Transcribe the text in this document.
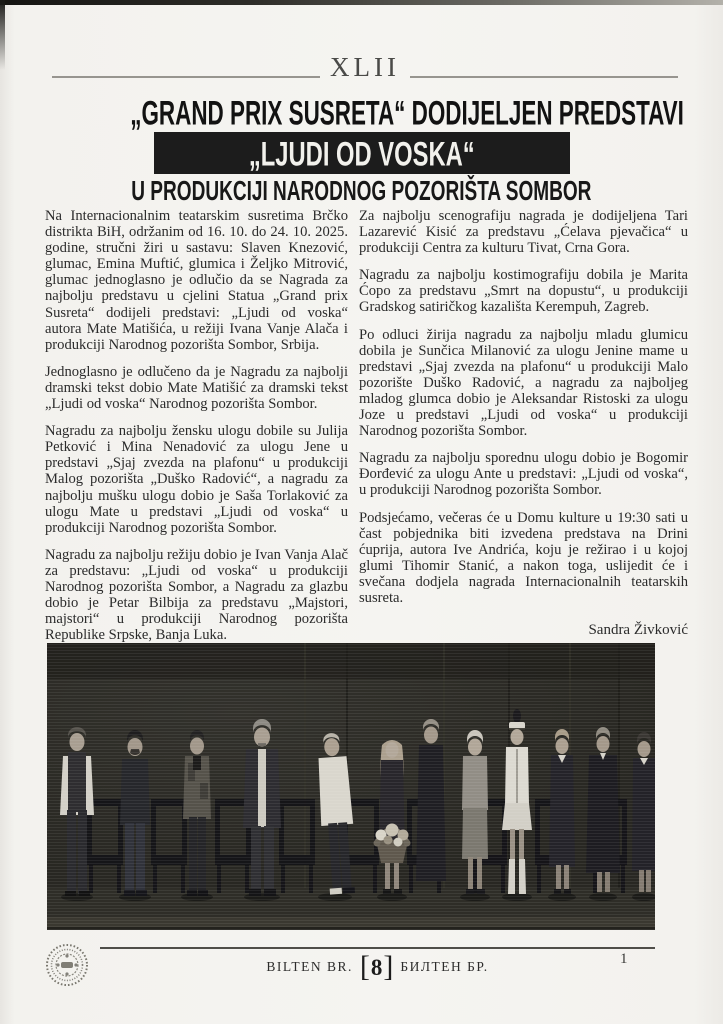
XLII
„GRAND PRIX SUSRETA“ DODIJELJEN PREDSTAVI
„LJUDI OD VOSKA“
U PRODUKCIJI NARODNOG POZORIŠTA SOMBOR

Na Internacionalnim teatarskim susretima Brčko distrikta BiH, održanim od 16. 10. do 24. 10. 2025. godine, stručni žiri u sastavu: Slaven Knezović, glumac, Emina Muftić, glumica i Željko Mitrović, glumac jednoglasno je odlučio da se Nagrada za najbolju predstavu u cjelini Statua „Grand prix Susreta“ dodijeli predstavi: „Ljudi od voska“ autora Mate Matišića, u režiji Ivana Vanje Alača i produkciji Narodnog pozorišta Sombor, Srbija.

Jednoglasno je odlučeno da je Nagradu za najbolji dramski tekst dobio Mate Matišić za dramski tekst „Ljudi od voska“ Narodnog pozorišta Sombor.

Nagradu za najbolju žensku ulogu dobile su Julija Petković i Mina Nenadović za ulogu Jene u predstavi „Sjaj zvezda na plafonu“ u produkciji Malog pozorišta „Duško Radović“, a nagradu za najbolju mušku ulogu dobio je Saša Torlaković za ulogu Mate u predstavi „Ljudi od voska“ u produkciji Narodnog pozorišta Sombor.

Nagradu za najbolju režiju dobio je Ivan Vanja Alač za predstavu: „Ljudi od voska“ u produkciji Narodnog pozorišta Sombor, a Nagradu za glazbu dobio je Petar Bilbija za predstavu „Majstori, majstori“ u produkciji Narodnog pozorišta Republike Srpske, Banja Luka.

Za najbolju scenografiju nagrada je dodijeljena Tari Lazarević Kisić za predstavu „Ćelava pjevačica“ u produkciji Centra za kulturu Tivat, Crna Gora.

Nagradu za najbolju kostimografiju dobila je Marita Ćopo za predstavu „Smrt na dopustu“, u produkciji Gradskog satiričkog kazališta Kerempuh, Zagreb.

Po odluci žirija nagradu za najbolju mladu glumicu dobila je Sunčica Milanović za ulogu Jenine mame u predstavi „Sjaj zvezda na plafonu“ u produkciji Malo pozorište Duško Radović, a nagradu za najboljeg mladog glumca dobio je Aleksandar Ristoski za ulogu Joze u predstavi „Ljudi od voska“ u produkciji Narodnog pozorišta Sombor.

Nagradu za najbolju sporednu ulogu dobio je Bogomir Đorđević za ulogu Ante u predstavi: „Ljudi od voska“, u produkciji Narodnog pozorišta Sombor.

Podsjećamo, večeras će u Domu kulture u 19:30 sati u čast pobjednika biti izvedena predstava na Drini ćuprija, autora Ive Andrića, koju je režirao i u kojoj glumi Tihomir Stanić, a nakon toga, uslijedit će i svečana dodjela nagrada Internacionalnih teatarskih susreta.

Sandra Živković

BILTEN BR. [ 8 ] БИЛТЕН БР.	1
